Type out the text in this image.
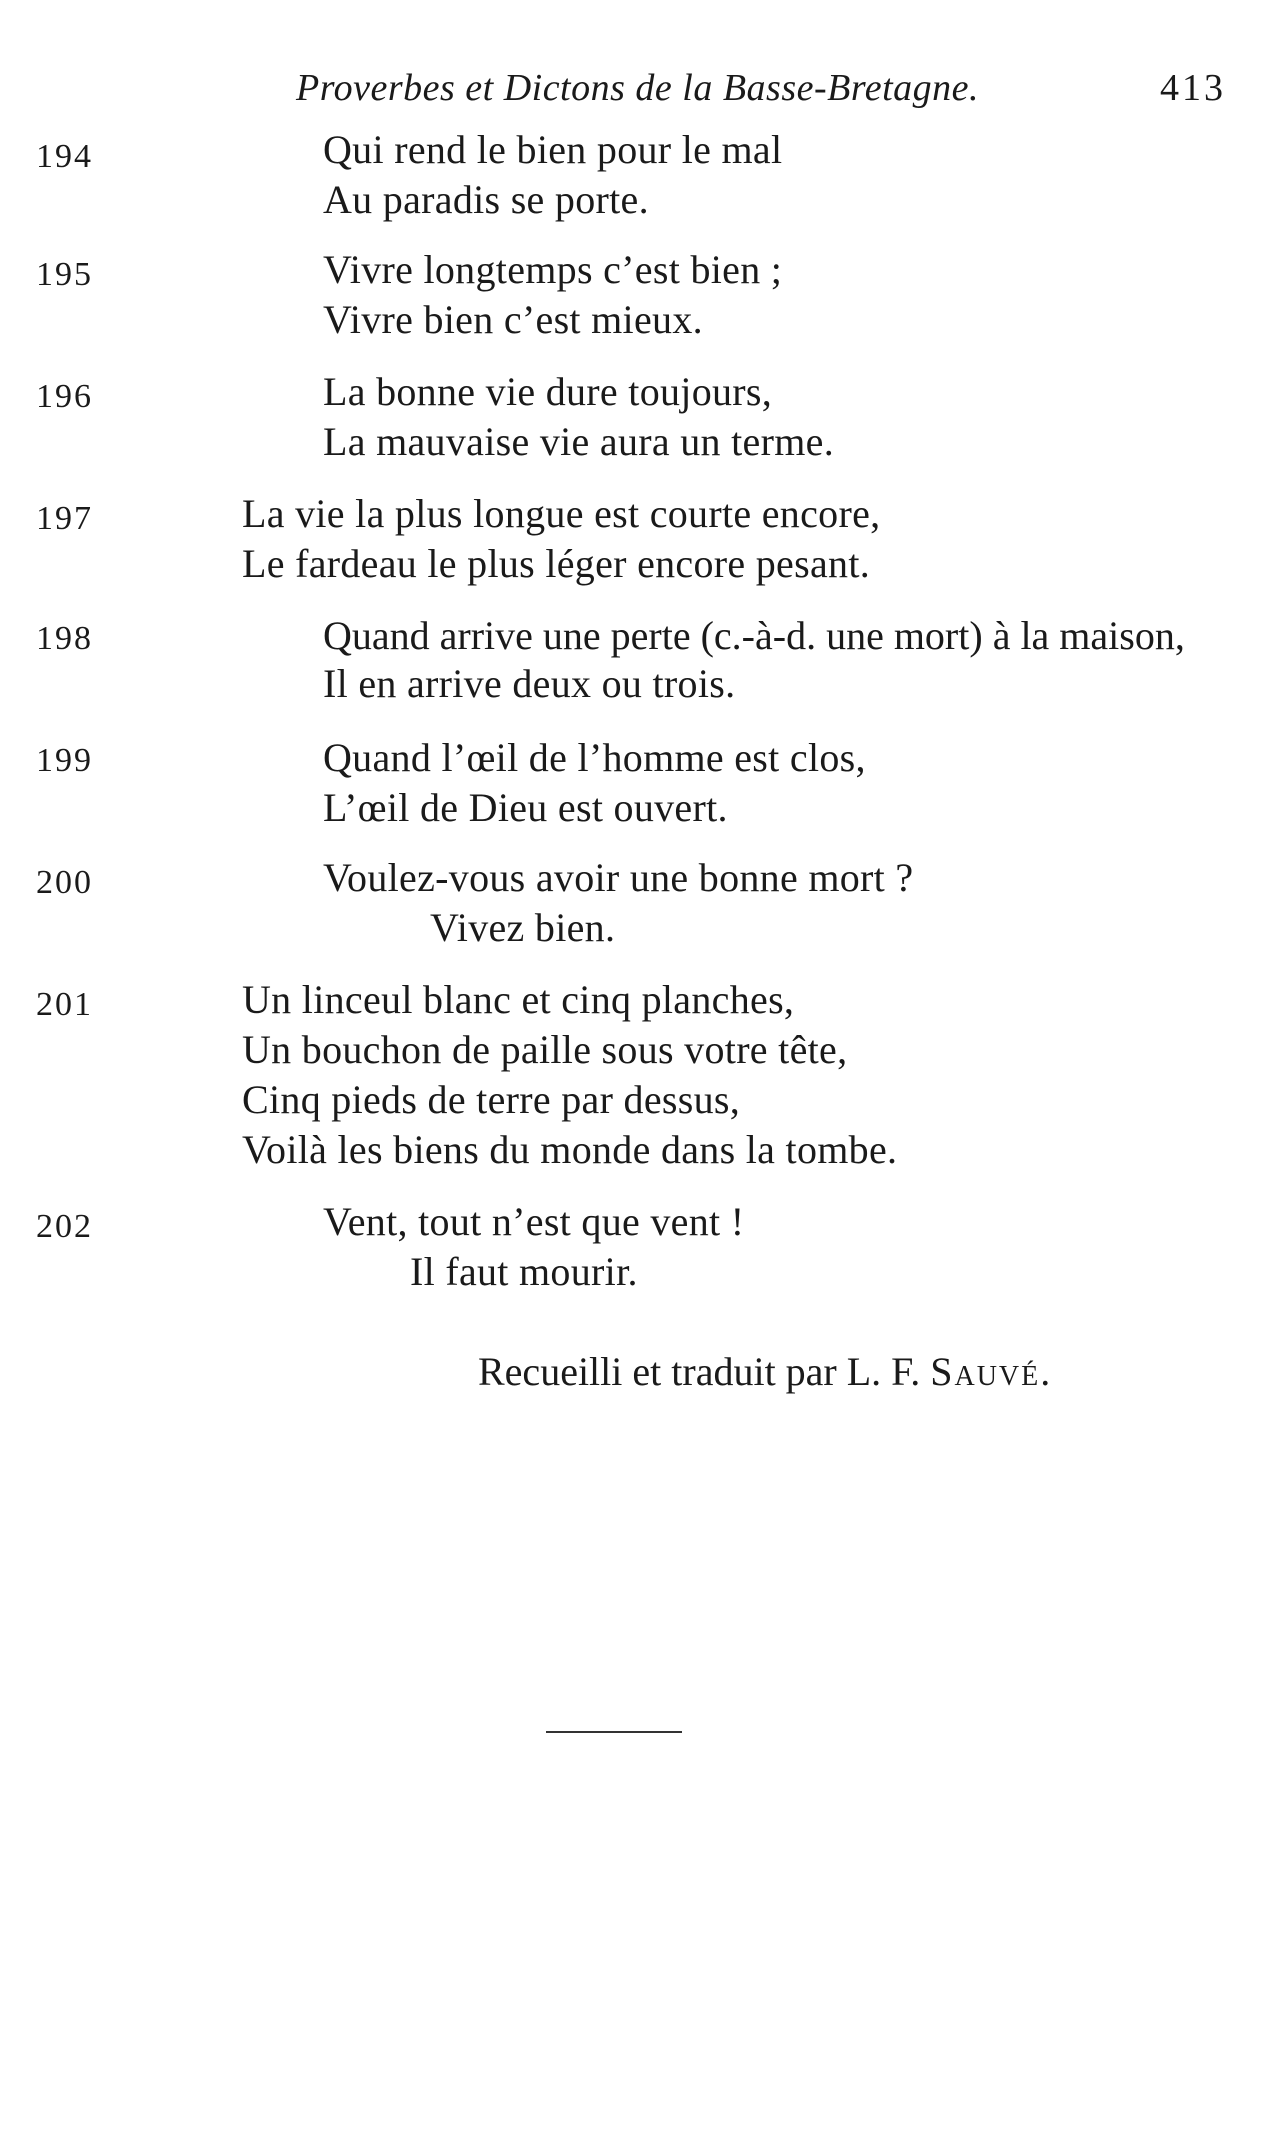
Proverbes et Dictons de la Basse-Bretagne.	413
194	Qui rend le bien pour le mal
Au paradis se porte.
195	Vivre longtemps c’est bien ;
Vivre bien c’est mieux.
196	La bonne vie dure toujours,
La mauvaise vie aura un terme.
197	La vie la plus longue est courte encore,
Le fardeau le plus léger encore pesant.
198	Quand arrive une perte (c.-à-d. une mort) à la maison,
Il en arrive deux ou trois.
199	Quand l’œil de l’homme est clos,
L’œil de Dieu est ouvert.
200	Voulez-vous avoir une bonne mort ?
Vivez bien.
201	Un linceul blanc et cinq planches,
Un bouchon de paille sous votre tête,
Cinq pieds de terre par dessus,
Voilà les biens du monde dans la tombe.
202	Vent, tout n’est que vent !
Il faut mourir.
Recueilli et traduit par L. F. Sauvé.
